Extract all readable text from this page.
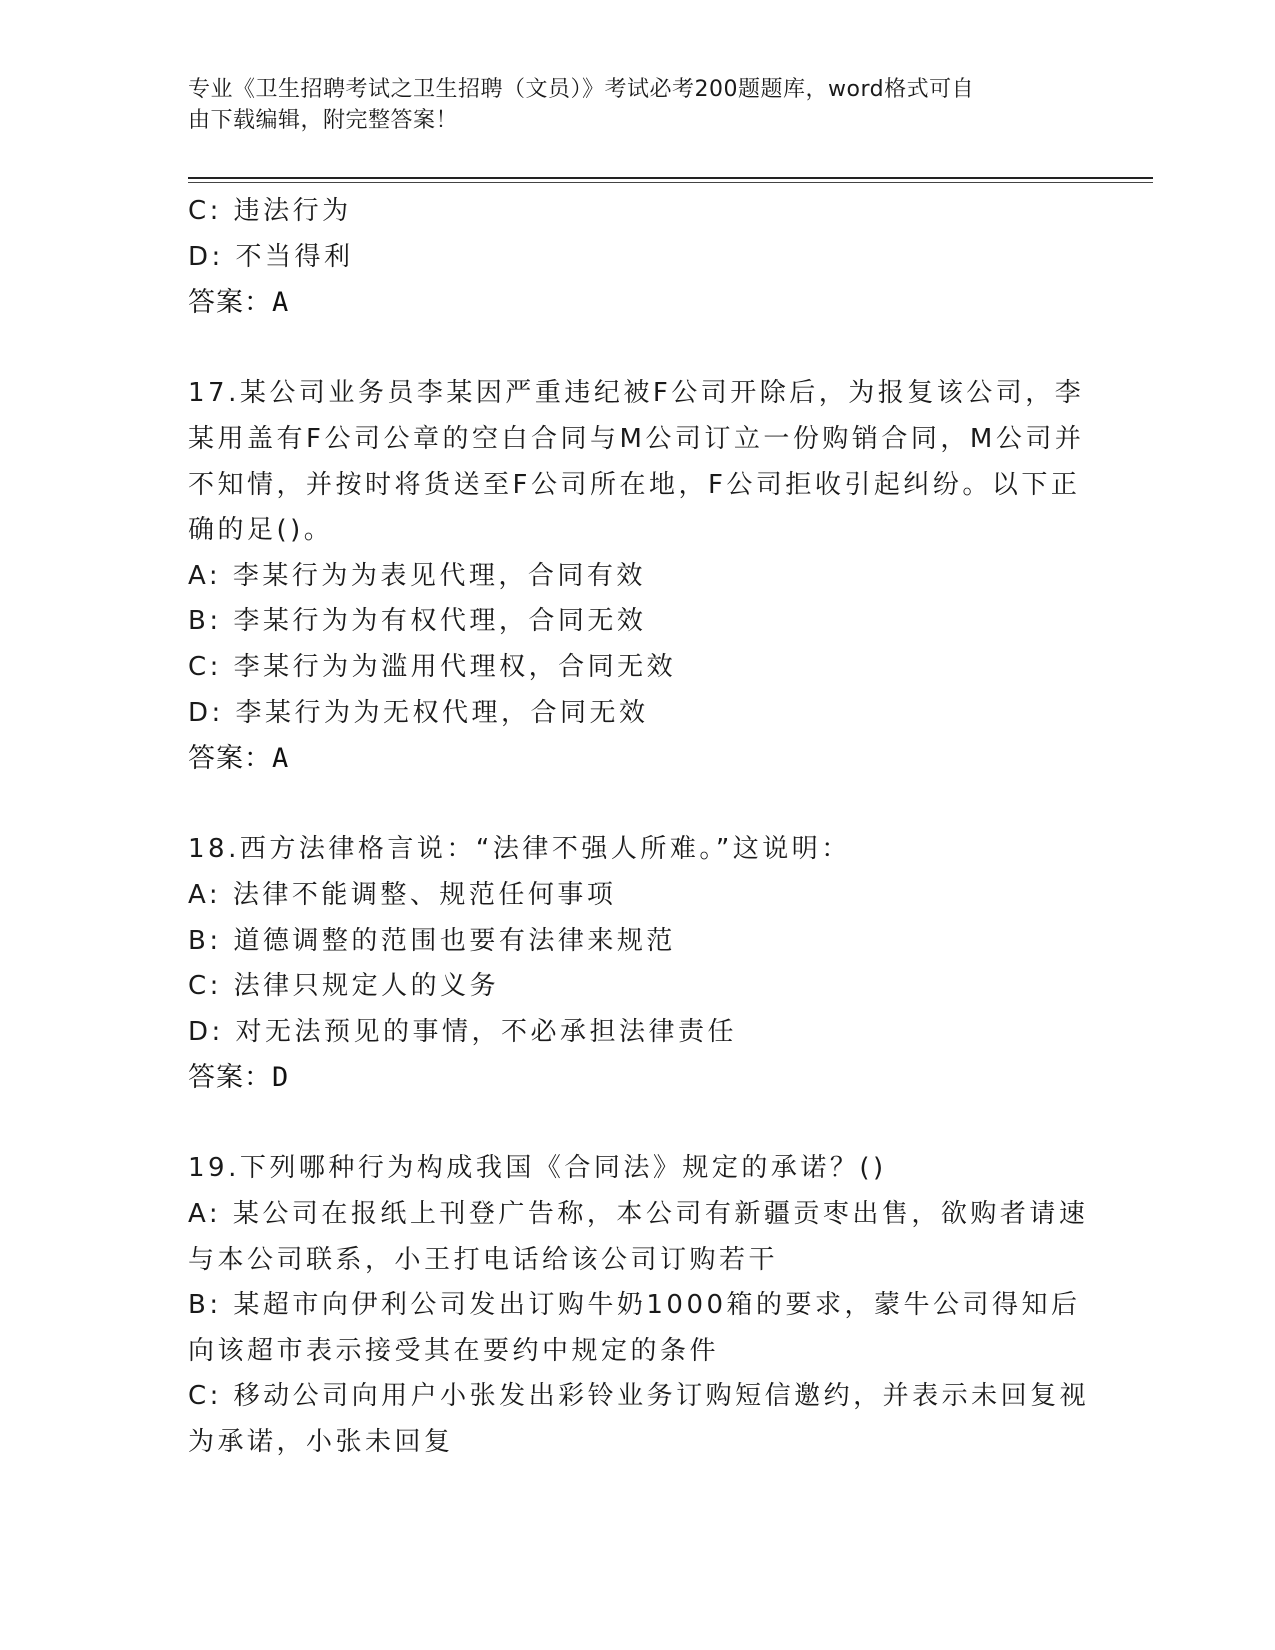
专业《卫生招聘考试之卫生招聘（文员）》考试必考200题题库，word格式可自
由下载编辑，附完整答案！
C: 违法行为
D: 不当得利
答案：A
17.某公司业务员李某因严重违纪被F公司开除后，为报复该公司，李
某用盖有F公司公章的空白合同与M公司订立一份购销合同，M公司并
不知情，并按时将货送至F公司所在地，F公司拒收引起纠纷。以下正
确的足()。
A: 李某行为为表见代理，合同有效
B: 李某行为为有权代理，合同无效
C: 李某行为为滥用代理权，合同无效
D: 李某行为为无权代理，合同无效
答案：A
18.西方法律格言说：“法律不强人所难。”这说明：
A: 法律不能调整、规范任何事项
B: 道德调整的范围也要有法律来规范
C: 法律只规定人的义务
D: 对无法预见的事情，不必承担法律责任
答案：D
19.下列哪种行为构成我国《合同法》规定的承诺？()
A: 某公司在报纸上刊登广告称，本公司有新疆贡枣出售，欲购者请速
与本公司联系，小王打电话给该公司订购若干
B: 某超市向伊利公司发出订购牛奶1000箱的要求，蒙牛公司得知后
向该超市表示接受其在要约中规定的条件
C: 移动公司向用户小张发出彩铃业务订购短信邀约，并表示未回复视
为承诺，小张未回复
